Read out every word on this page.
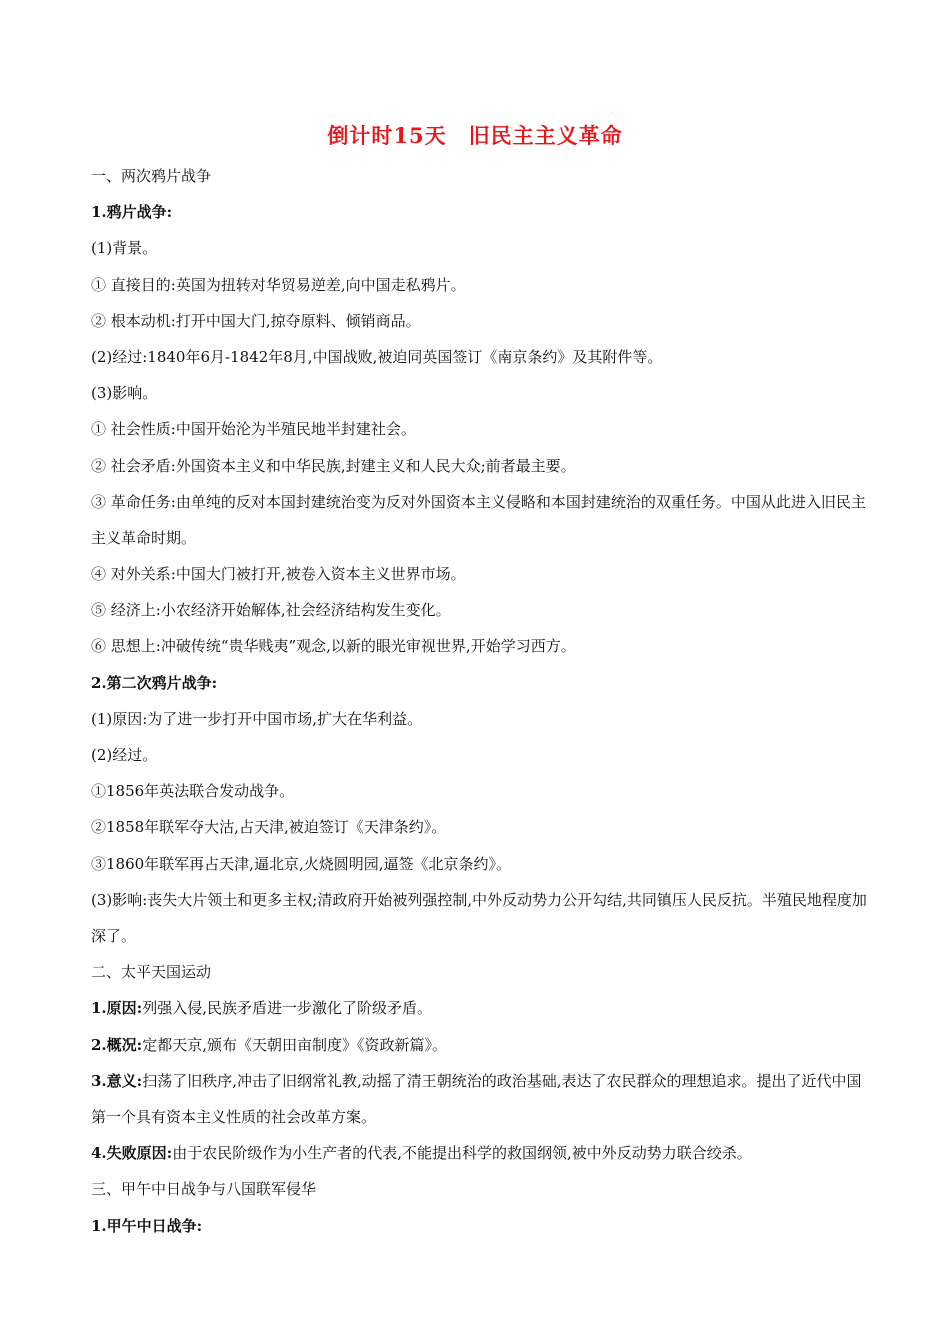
倒计时15天　旧民主主义革命
一、两次鸦片战争
1.鸦片战争:
(1)背景。
① 直接目的:英国为扭转对华贸易逆差,向中国走私鸦片。
② 根本动机:打开中国大门,掠夺原料、倾销商品。
(2)经过:1840年6月-1842年8月,中国战败,被迫同英国签订《南京条约》及其附件等。
(3)影响。
① 社会性质:中国开始沦为半殖民地半封建社会。
② 社会矛盾:外国资本主义和中华民族,封建主义和人民大众;前者最主要。
③ 革命任务:由单纯的反对本国封建统治变为反对外国资本主义侵略和本国封建统治的双重任务。中国从此进入旧民主主义革命时期。
④ 对外关系:中国大门被打开,被卷入资本主义世界市场。
⑤ 经济上:小农经济开始解体,社会经济结构发生变化。
⑥ 思想上:冲破传统“贵华贱夷”观念,以新的眼光审视世界,开始学习西方。
2.第二次鸦片战争:
(1)原因:为了进一步打开中国市场,扩大在华利益。
(2)经过。
①1856年英法联合发动战争。
②1858年联军夺大沽,占天津,被迫签订《天津条约》。
③1860年联军再占天津,逼北京,火烧圆明园,逼签《北京条约》。
(3)影响:丧失大片领土和更多主权;清政府开始被列强控制,中外反动势力公开勾结,共同镇压人民反抗。半殖民地程度加深了。
二、太平天国运动
1.原因:列强入侵,民族矛盾进一步激化了阶级矛盾。
2.概况:定都天京,颁布《天朝田亩制度》《资政新篇》。
3.意义:扫荡了旧秩序,冲击了旧纲常礼教,动摇了清王朝统治的政治基础,表达了农民群众的理想追求。提出了近代中国第一个具有资本主义性质的社会改革方案。
4.失败原因:由于农民阶级作为小生产者的代表,不能提出科学的救国纲领,被中外反动势力联合绞杀。
三、甲午中日战争与八国联军侵华
1.甲午中日战争:
